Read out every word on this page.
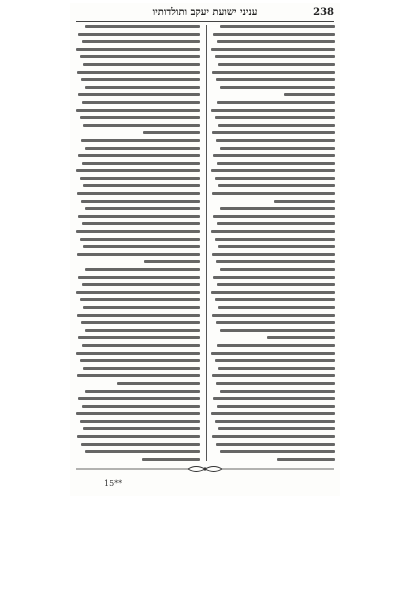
238
עניני ישועת יעקב ותולדותיו
15**
